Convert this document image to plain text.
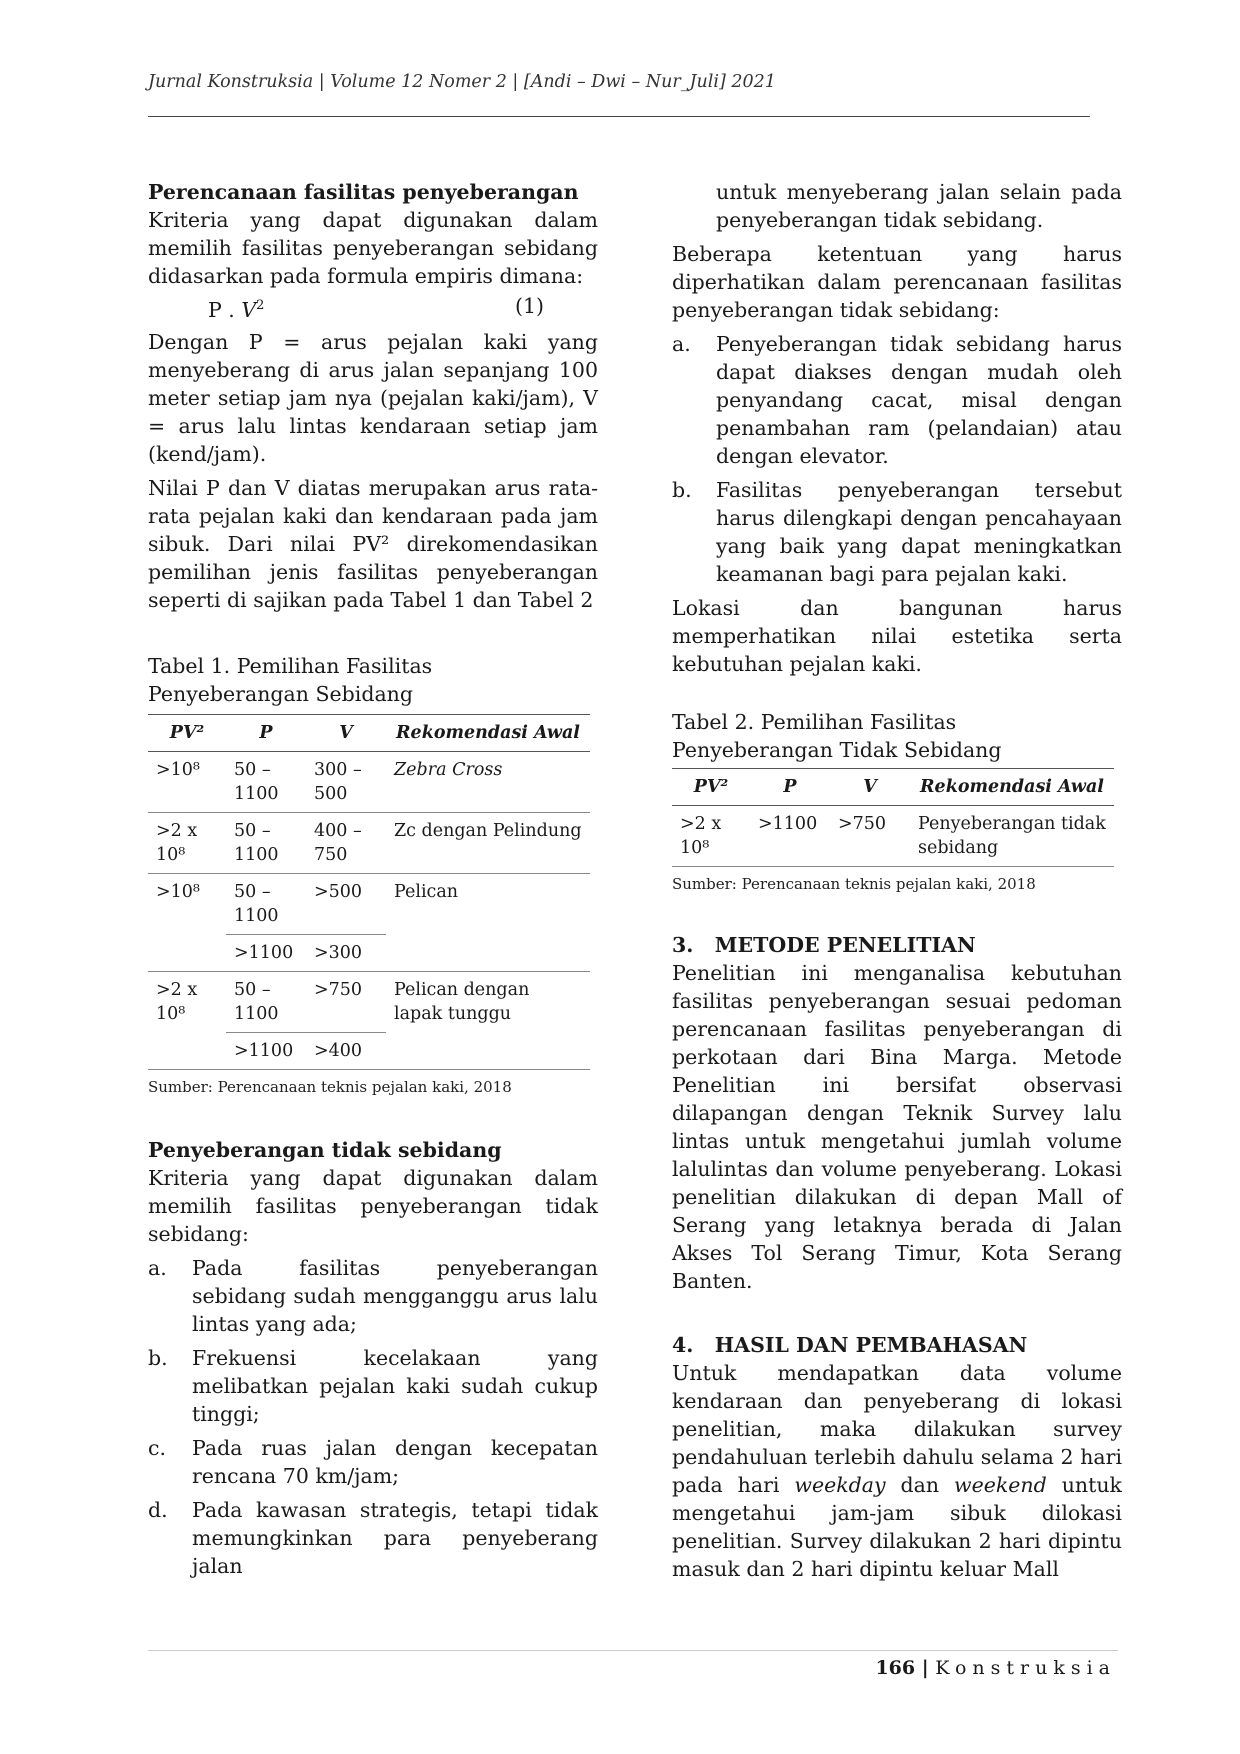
Jurnal Konstruksia | Volume 12 Nomer 2 | [Andi – Dwi – Nur_Juli] 2021
Perencanaan fasilitas penyeberangan

Kriteria yang dapat digunakan dalam memilih fasilitas penyeberangan sebidang didasarkan pada formula empiris dimana:

P . $V^2$	(1)

Dengan P = arus pejalan kaki yang menyeberang di arus jalan sepanjang 100 meter setiap jam nya (pejalan kaki/jam), V = arus lalu lintas kendaraan setiap jam (kend/jam).

Nilai P dan V diatas merupakan arus rata-rata pejalan kaki dan kendaraan pada jam sibuk. Dari nilai PV² direkomendasikan pemilihan jenis fasilitas penyeberangan seperti di sajikan pada Tabel 1 dan Tabel 2

Tabel 1. Pemilihan Fasilitas Penyeberangan Sebidang

PV²	P	V	Rekomendasi Awal
>10⁸	50 – 1100	300 – 500	Zebra Cross
>2 x 10⁸	50 – 1100	400 – 750	Zc dengan Pelindung
>10⁸	50 – 1100	>500	Pelican
	>1100	>300	
>2 x 10⁸	50 – 1100	>750	Pelican dengan lapak tunggu
	>1100	>400	

Sumber: Perencanaan teknis pejalan kaki, 2018

Penyeberangan tidak sebidang

Kriteria yang dapat digunakan dalam memilih fasilitas penyeberangan tidak sebidang:

a. Pada fasilitas penyeberangan sebidang sudah mengganggu arus lalu lintas yang ada;
b. Frekuensi kecelakaan yang melibatkan pejalan kaki sudah cukup tinggi;
c. Pada ruas jalan dengan kecepatan rencana 70 km/jam;
d. Pada kawasan strategis, tetapi tidak memungkinkan para penyeberang jalan

untuk menyeberang jalan selain pada penyeberangan tidak sebidang.

Beberapa ketentuan yang harus diperhatikan dalam perencanaan fasilitas penyeberangan tidak sebidang:

a. Penyeberangan tidak sebidang harus dapat diakses dengan mudah oleh penyandang cacat, misal dengan penambahan ram (pelandaian) atau dengan elevator.
b. Fasilitas penyeberangan tersebut harus dilengkapi dengan pencahayaan yang baik yang dapat meningkatkan keamanan bagi para pejalan kaki.

Lokasi dan bangunan harus memperhatikan nilai estetika serta kebutuhan pejalan kaki.

Tabel 2. Pemilihan Fasilitas Penyeberangan Tidak Sebidang

PV²	P	V	Rekomendasi Awal
>2 x 10⁸	>1100	>750	Penyeberangan tidak sebidang

Sumber: Perencanaan teknis pejalan kaki, 2018

3.   METODE PENELITIAN

Penelitian ini menganalisa kebutuhan fasilitas penyeberangan sesuai pedoman perencanaan fasilitas penyeberangan di perkotaan dari Bina Marga. Metode Penelitian ini bersifat observasi dilapangan dengan Teknik Survey lalu lintas untuk mengetahui jumlah volume lalulintas dan volume penyeberang. Lokasi penelitian dilakukan di depan Mall of Serang yang letaknya berada di Jalan Akses Tol Serang Timur, Kota Serang Banten.

4.   HASIL DAN PEMBAHASAN

Untuk mendapatkan data volume kendaraan dan penyeberang di lokasi penelitian, maka dilakukan survey pendahuluan terlebih dahulu selama 2 hari pada hari weekday dan weekend untuk mengetahui jam-jam sibuk dilokasi penelitian. Survey dilakukan 2 hari dipintu masuk dan 2 hari dipintu keluar Mall

166 | Konstruksia
